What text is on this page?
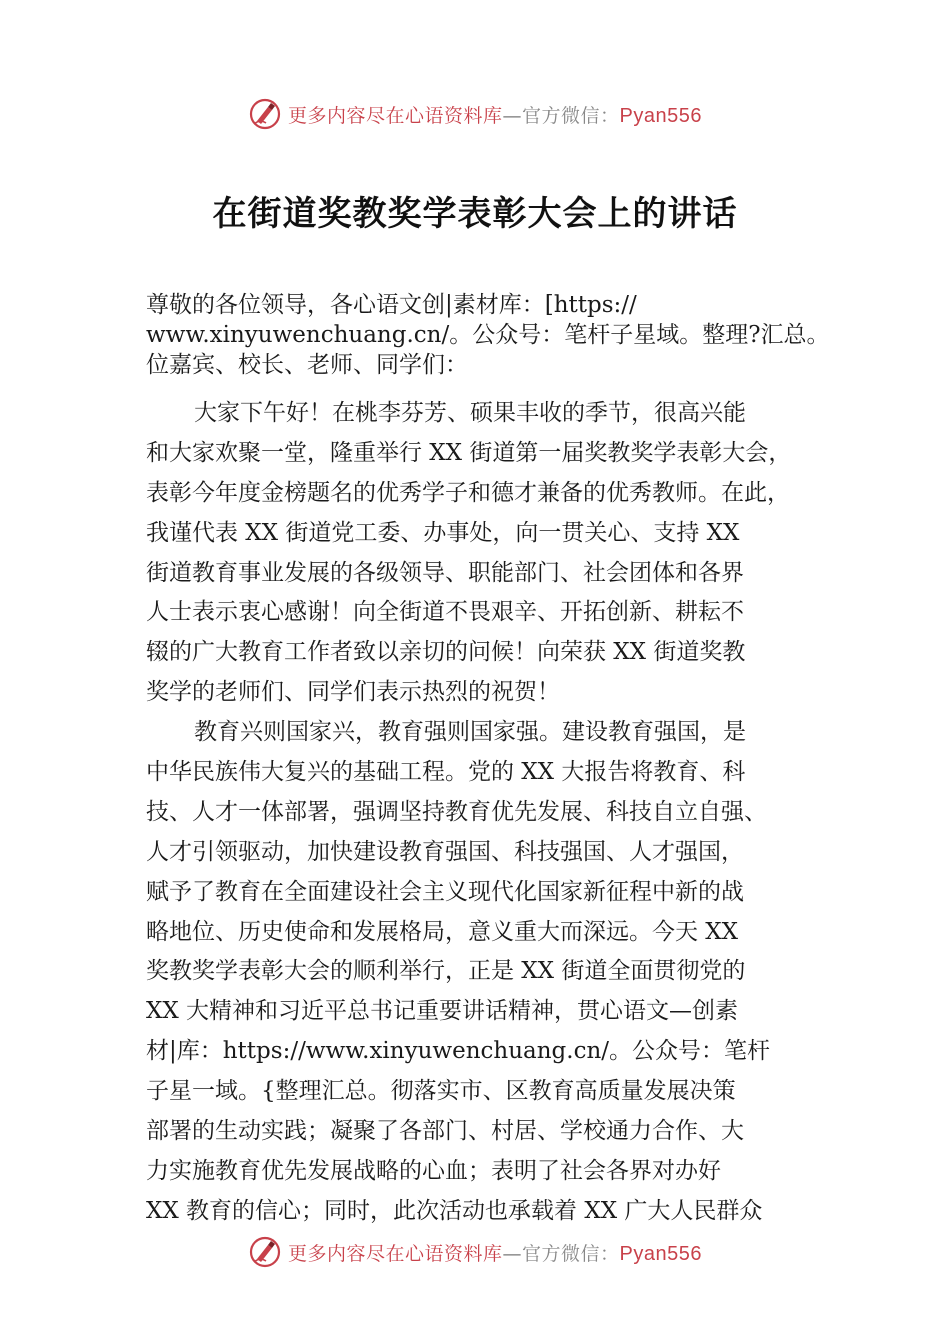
更多内容尽在心语资料库—官方微信：Pyan556
在街道奖教奖学表彰大会上的讲话
尊敬的各位领导，各心语文创|素材库：[https://
www.xinyuwenchuang.cn/。公众号：笔杆子星域。整理?汇总。
位嘉宾、校长、老师、同学们：
大家下午好！在桃李芬芳、硕果丰收的季节，很高兴能
和大家欢聚一堂，隆重举行 XX 街道第一届奖教奖学表彰大会，
表彰今年度金榜题名的优秀学子和德才兼备的优秀教师。在此，
我谨代表 XX 街道党工委、办事处，向一贯关心、支持 XX
街道教育事业发展的各级领导、职能部门、社会团体和各界
人士表示衷心感谢！向全街道不畏艰辛、开拓创新、耕耘不
辍的广大教育工作者致以亲切的问候！向荣获 XX 街道奖教
奖学的老师们、同学们表示热烈的祝贺！
教育兴则国家兴，教育强则国家强。建设教育强国，是
中华民族伟大复兴的基础工程。党的 XX 大报告将教育、科
技、人才一体部署，强调坚持教育优先发展、科技自立自强、
人才引领驱动，加快建设教育强国、科技强国、人才强国，
赋予了教育在全面建设社会主义现代化国家新征程中新的战
略地位、历史使命和发展格局，意义重大而深远。今天 XX
奖教奖学表彰大会的顺利举行，正是 XX 街道全面贯彻党的
XX 大精神和习近平总书记重要讲话精神，贯心语文—创素
材|库：https://www.xinyuwenchuang.cn/。公众号：笔杆
子星一域。{整理汇总。彻落实市、区教育高质量发展决策
部署的生动实践；凝聚了各部门、村居、学校通力合作、大
力实施教育优先发展战略的心血；表明了社会各界对办好
XX 教育的信心；同时，此次活动也承载着 XX 广大人民群众
更多内容尽在心语资料库—官方微信：Pyan556
